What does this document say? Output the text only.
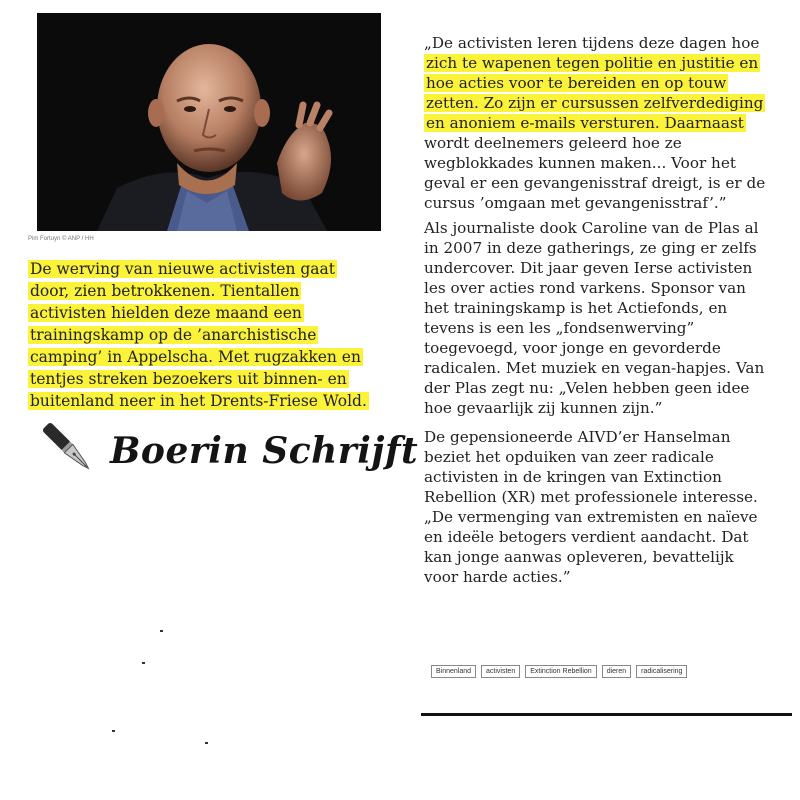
Pim Fortuyn © ANP / HH
De werving van nieuwe activisten gaat
door, zien betrokkenen. Tientallen
activisten hielden deze maand een
trainingskamp op de ’anarchistische
camping’ in Appelscha. Met rugzakken en
tentjes streken bezoekers uit binnen- en
buitenland neer in het Drents-Friese Wold.
Boerin Schrijft
„De activisten leren tijdens deze dagen hoe
zich te wapenen tegen politie en justitie en
hoe acties voor te bereiden en op touw
zetten. Zo zijn er cursussen zelfverdediging
en anoniem e-mails versturen. Daarnaast
wordt deelnemers geleerd hoe ze
wegblokkades kunnen maken... Voor het
geval er een gevangenisstraf dreigt, is er de
cursus ’omgaan met gevangenisstraf’.”
Als journaliste dook Caroline van de Plas al
in 2007 in deze gatherings, ze ging er zelfs
undercover. Dit jaar geven Ierse activisten
les over acties rond varkens. Sponsor van
het trainingskamp is het Actiefonds, en
tevens is een les „fondsenwerving”
toegevoegd, voor jonge en gevorderde
radicalen. Met muziek en vegan-hapjes. Van
der Plas zegt nu: „Velen hebben geen idee
hoe gevaarlijk zij kunnen zijn.”
De gepensioneerde AIVD’er Hanselman
beziet het opduiken van zeer radicale
activisten in de kringen van Extinction
Rebellion (XR) met professionele interesse.
„De vermenging van extremisten en naïeve
en ideële betogers verdient aandacht. Dat
kan jonge aanwas opleveren, bevattelijk
voor harde acties.”
Binnenland	activisten	Extinction Rebellion	dieren	radicalisering
